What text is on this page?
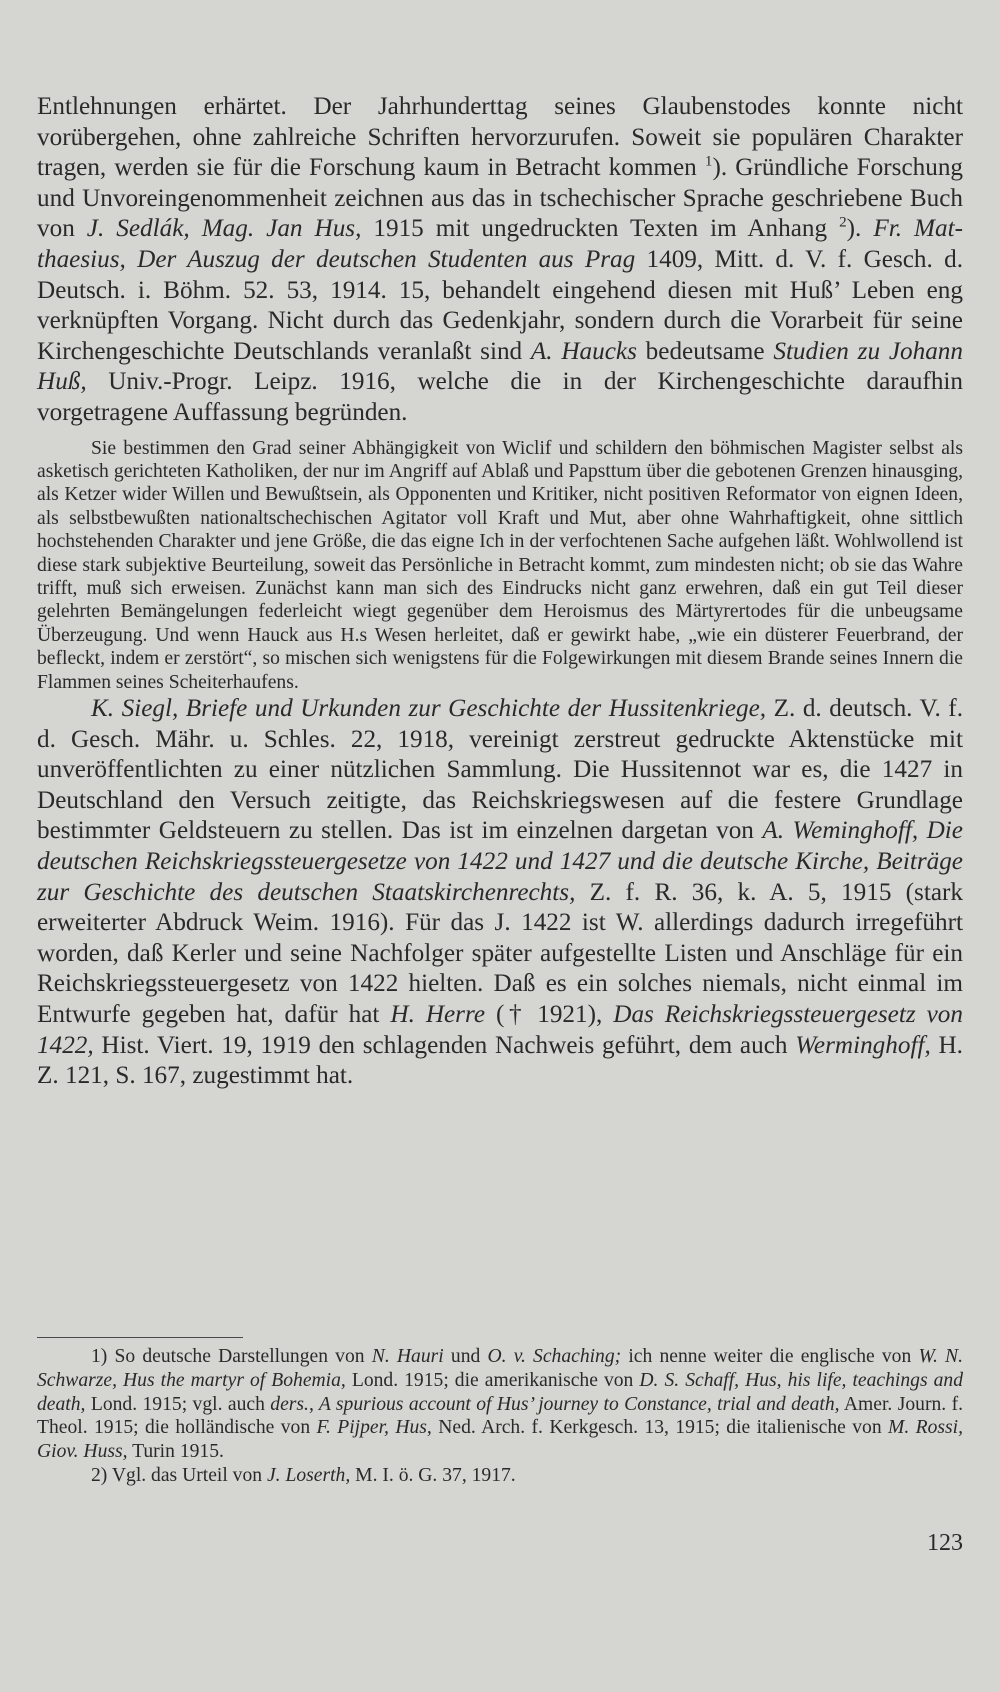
Entlehnungen erhärtet. Der Jahrhunderttag seines Glaubenstodes konnte nicht vorübergehen, ohne zahlreiche Schriften hervorzurufen. Soweit sie populären Charakter tragen, werden sie für die Forschung kaum in Betracht kommen $^1$). Gründliche Forschung und Unvoreingenommenheit zeichnen aus das in tschechischer Sprache geschriebene Buch von J. Sedlák, Mag. Jan Hus, 1915 mit ungedruckten Texten im Anhang $^2$). Fr. Matthaesius, Der Auszug der deutschen Studenten aus Prag 1409, Mitt. d. V. f. Gesch. d. Deutsch. i. Böhm. 52. 53, 1914. 15, behandelt eingehend diesen mit Huß’ Leben eng verknüpften Vorgang. Nicht durch das Gedenkjahr, sondern durch die Vorarbeit für seine Kirchengeschichte Deutschlands veranlaßt sind A. Haucks bedeutsame Studien zu Johann Huß, Univ.-Progr. Leipz. 1916, welche die in der Kirchengeschichte daraufhin vorgetragene Auffassung begründen.

Sie bestimmen den Grad seiner Abhängigkeit von Wiclif und schildern den böhmischen Magister selbst als asketisch gerichteten Katholiken, der nur im Angriff auf Ablaß und Papsttum über die gebotenen Grenzen hinausging, als Ketzer wider Willen und Bewußtsein, als Opponenten und Kritiker, nicht positiven Reformator von eignen Ideen, als selbstbewußten nationaltschechischen Agitator voll Kraft und Mut, aber ohne Wahrhaftigkeit, ohne sittlich hochstehenden Charakter und jene Größe, die das eigne Ich in der verfochtenen Sache aufgehen läßt. Wohlwollend ist diese stark subjektive Beurteilung, soweit das Persönliche in Betracht kommt, zum mindesten nicht; ob sie das Wahre trifft, muß sich erweisen. Zunächst kann man sich des Eindrucks nicht ganz erwehren, daß ein gut Teil dieser gelehrten Bemängelungen federleicht wiegt gegenüber dem Heroismus des Märtyrertodes für die unbeugsame Überzeugung. Und wenn Hauck aus H.s Wesen herleitet, daß er gewirkt habe, „wie ein düsterer Feuerbrand, der befleckt, indem er zerstört“, so mischen sich wenigstens für die Folgewirkungen mit diesem Brande seines Innern die Flammen seines Scheiterhaufens.

K. Siegl, Briefe und Urkunden zur Geschichte der Hussitenkriege, Z. d. deutsch. V. f. d. Gesch. Mähr. u. Schles. 22, 1918, vereinigt zerstreut gedruckte Aktenstücke mit unveröffentlichten zu einer nützlichen Sammlung. Die Hussitennot war es, die 1427 in Deutschland den Versuch zeitigte, das Reichskriegswesen auf die festere Grundlage bestimmter Geldsteuern zu stellen. Das ist im einzelnen dargetan von A. Weminghoff, Die deutschen Reichskriegssteuergesetze von 1422 und 1427 und die deutsche Kirche, Beiträge zur Geschichte des deutschen Staatskirchenrechts, Z. f. R. 36, k. A. 5, 1915 (stark erweiterter Abdruck Weim. 1916). Für das J. 1422 ist W. allerdings dadurch irregeführt worden, daß Kerler und seine Nachfolger später aufgestellte Listen und Anschläge für ein Reichskriegssteuergesetz von 1422 hielten. Daß es ein solches niemals, nicht einmal im Entwurfe gegeben hat, dafür hat H. Herre († 1921), Das Reichskriegssteuergesetz von 1422, Hist. Viert. 19, 1919 den schlagenden Nachweis geführt, dem auch Werminghoff, H. Z. 121, S. 167, zugestimmt hat.

1) So deutsche Darstellungen von N. Hauri und O. v. Schaching; ich nenne weiter die englische von W. N. Schwarze, Hus the martyr of Bohemia, Lond. 1915; die amerikanische von D. S. Schaff, Hus, his life, teachings and death, Lond. 1915; vgl. auch ders., A spurious account of Hus’ journey to Constance, trial and death, Amer. Journ. f. Theol. 1915; die holländische von F. Pijper, Hus, Ned. Arch. f. Kerkgesch. 13, 1915; die italienische von M. Rossi, Giov. Huss, Turin 1915.

2) Vgl. das Urteil von J. Loserth, M. I. ö. G. 37, 1917.

123
